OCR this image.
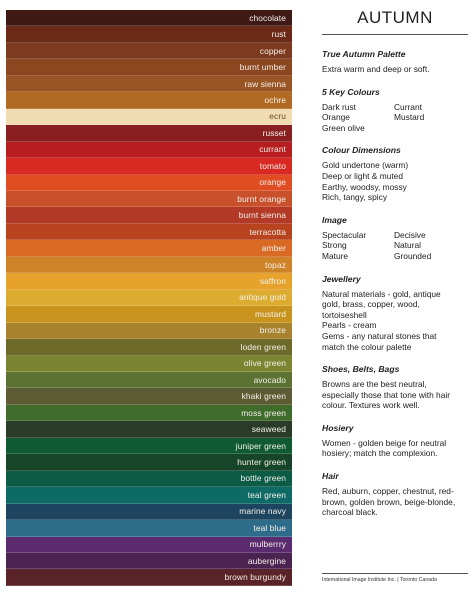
chocolate
rust
copper
burnt umber
raw sienna
ochre
ecru
russet
currant
tomato
orange
burnt orange
burnt sienna
terracotta
amber
topaz
saffron
antique gold
mustard
bronze
loden green
olive green
avocado
khaki green
moss green
seaweed
juniper green
hunter green
bottle green
teal green
marine navy
teal blue
mulberrry
aubergine
brown burgundy
AUTUMN
True Autumn Palette
Extra warm and deep or soft.
5 Key Colours
Dark rust
Orange
Green olive
Currant
Mustard
Colour Dimensions
Gold undertone (warm)
Deep or light & muted
Earthy, woodsy, mossy
Rich, tangy, spicy
Image
Spectacular
Strong
Mature
Decisive
Natural
Grounded
Jewellery
Natural materials - gold, antique
gold, brass, copper, wood,
tortoiseshell
Pearls - cream
Gems - any natural stones that
match the colour palette
Shoes, Belts, Bags
Browns are the best neutral,
especially those that tone with hair
colour. Textures work well.
Hosiery
Women - golden beige for neutral
hosiery; match the complexion.
Hair
Red, auburn, copper, chestnut, red-
brown, golden brown, beige-blonde,
charcoal black.
International Image Institute Inc. | Toronto Canada
